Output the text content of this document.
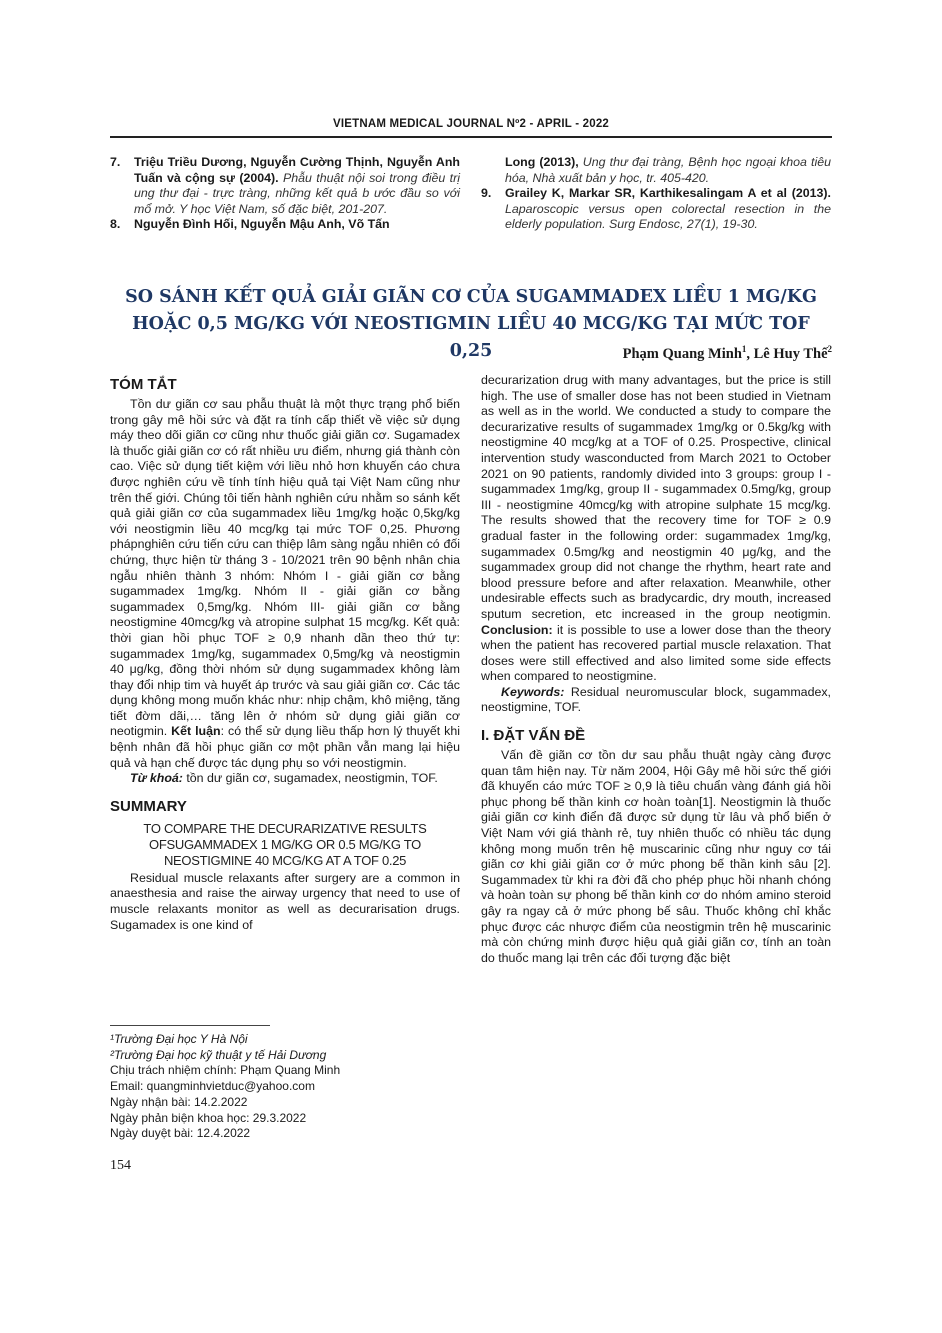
VIETNAM MEDICAL JOURNAL Nº2 - APRIL - 2022
7. Triệu Triều Dương, Nguyễn Cường Thịnh, Nguyễn Anh Tuấn và cộng sự (2004). Phẫu thuật nội soi trong điều trị ung thư đại - trực tràng, những kết quả b ước đầu so với mổ mở. Y học Việt Nam, số đặc biệt, 201-207.
8. Nguyễn Đình Hối, Nguyễn Mậu Anh, Võ Tấn
Long (2013), Ung thư đại tràng, Bệnh học ngoại khoa tiêu hóa, Nhà xuất bản y học, tr. 405-420.
9. Grailey K, Markar SR, Karthikesalingam A et al (2013). Laparoscopic versus open colorectal resection in the elderly population. Surg Endosc, 27(1), 19-30.
SO SÁNH KẾT QUẢ GIẢI GIÃN CƠ CỦA SUGAMMADEX LIỀU 1 MG/KG
HOẶC 0,5 MG/KG VỚI NEOSTIGMIN LIỀU 40 MCG/KG TẠI MỨC TOF 0,25	Phạm Quang Minh$^1$, Lê Huy Thế$^2$
TÓM TẮT
Tồn dư giãn cơ sau phẫu thuật là một thực trạng phổ biến trong gây mê hồi sức và đặt ra tính cấp thiết về việc sử dụng máy theo dõi giãn cơ cũng như thuốc giải giãn cơ. Sugamadex là thuốc giải giãn cơ có rất nhiều ưu điểm, nhưng giá thành còn cao. Việc sử dụng tiết kiệm với liều nhỏ hơn khuyến cáo chưa được nghiên cứu về tính tính hiệu quả tại Việt Nam cũng như trên thế giới. Chúng tôi tiến hành nghiên cứu nhằm so sánh kết quả giải giãn cơ của sugammadex liều 1mg/kg hoặc 0,5kg/kg với neostigmin liều 40 mcg/kg tại mức TOF 0,25. Phương phápnghiên cứu tiến cứu can thiệp lâm sàng ngẫu nhiên có đối chứng, thực hiện từ tháng 3 - 10/2021 trên 90 bệnh nhân chia ngẫu nhiên thành 3 nhóm: Nhóm I - giải giãn cơ bằng sugammadex 1mg/kg. Nhóm II - giải giãn cơ bằng sugammadex 0,5mg/kg. Nhóm III- giải giãn cơ bằng neostigmine 40mcg/kg và atropine sulphat 15 mcg/kg. Kết quả: thời gian hồi phục TOF ≥ 0,9 nhanh dần theo thứ tự: sugammadex 1mg/kg, sugammadex 0,5mg/kg và neostigmin 40 μg/kg, đồng thời nhóm sử dụng sugammadex không làm thay đổi nhịp tim và huyết áp trước và sau giải giãn cơ. Các tác dụng không mong muốn khác như: nhịp chậm, khô miệng, tăng tiết đờm dãi,… tăng lên ở nhóm sử dụng giải giãn cơ neotigmin. Kết luận: có thể sử dụng liều thấp hơn lý thuyết khi bệnh nhân đã hồi phục giãn cơ một phần vẫn mang lại hiệu quả và hạn chế được tác dụng phụ so với neostigmin.
Từ khoá: tồn dư giãn cơ, sugamadex, neostigmin, TOF.
SUMMARY
TO COMPARE THE DECURARIZATIVE RESULTS OFSUGAMMADEX 1 MG/KG OR 0.5 MG/KG TO NEOSTIGMINE 40 MCG/KG AT A TOF 0.25
Residual muscle relaxants after surgery are a common in anaesthesia and raise the airway urgency that need to use of muscle relaxants monitor as well as decurarisation drugs. Sugamadex is one kind of
decurarization drug with many advantages, but the price is still high. The use of smaller dose has not been studied in Vietnam as well as in the world. We conducted a study to compare the decurarizative results of sugammadex 1mg/kg or 0.5kg/kg with neostigmine 40 mcg/kg at a TOF of 0.25. Prospective, clinical intervention study wasconducted from March 2021 to October 2021 on 90 patients, randomly divided into 3 groups: group I - sugammadex 1mg/kg, group II - sugammadex 0.5mg/kg, group III - neostigmine 40mcg/kg with atropine sulphate 15 mcg/kg. The results showed that the recovery time for TOF ≥ 0.9 gradual faster in the following order: sugammadex 1mg/kg, sugammadex 0.5mg/kg and neostigmin 40 μg/kg, and the sugammadex group did not change the rhythm, heart rate and blood pressure before and after relaxation. Meanwhile, other undesirable effects such as bradycardic, dry mouth, increased sputum secretion, etc increased in the group neotigmin. Conclusion: it is possible to use a lower dose than the theory when the patient has recovered partial muscle relaxation. That doses were still effectived and also limited some side effects when compared to neostigmine.
Keywords: Residual neuromuscular block, sugammadex, neostigmine, TOF.
I. ĐẶT VẤN ĐỀ
Vấn đề giãn cơ tồn dư sau phẫu thuật ngày càng được quan tâm hiện nay. Từ năm 2004, Hội Gây mê hồi sức thế giới đã khuyến cáo mức TOF ≥ 0,9 là tiêu chuẩn vàng đánh giá hồi phục phong bế thần kinh cơ hoàn toàn[1]. Neostigmin là thuốc giải giãn cơ kinh điển đã được sử dụng từ lâu và phổ biến ở Việt Nam với giá thành rẻ, tuy nhiên thuốc có nhiều tác dụng không mong muốn trên hệ muscarinic cũng như nguy cơ tái giãn cơ khi giải giãn cơ ở mức phong bế thần kinh sâu [2]. Sugammadex từ khi ra đời đã cho phép phục hồi nhanh chóng và hoàn toàn sự phong bế thần kinh cơ do nhóm amino steroid gây ra ngay cả ở mức phong bế sâu. Thuốc không chỉ khắc phục được các nhược điểm của neostigmin trên hệ muscarinic mà còn chứng minh được hiệu quả giải giãn cơ, tính an toàn do thuốc mang lại trên các đối tượng đặc biệt
¹Trường Đại học Y Hà Nội
²Trường Đại học kỹ thuật y tế Hải Dương
Chịu trách nhiệm chính: Phạm Quang Minh
Email: quangminhvietduc@yahoo.com
Ngày nhận bài: 14.2.2022
Ngày phản biện khoa học: 29.3.2022
Ngày duyệt bài: 12.4.2022
154
